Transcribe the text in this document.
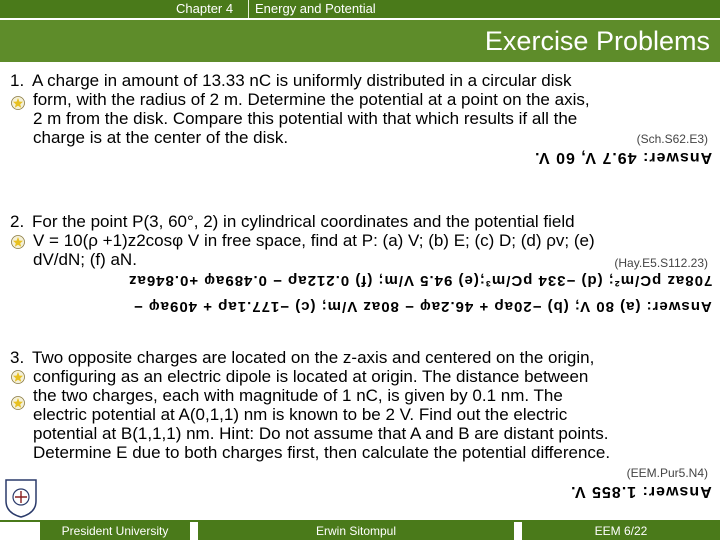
Chapter 4 Energy and Potential
Exercise Problems
1. A charge in amount of 13.33 nC is uniformly distributed in a circular disk
form, with the radius of 2 m. Determine the potential at a point on the axis,
2 m from the disk. Compare this potential with that which results if all the
charge is at the center of the disk.	(Sch.S62.E3)
Answer: 49.7 V, 60 V.
2. For the point P(3, 60°, 2) in cylindrical coordinates and the potential field
V = 10(ρ +1)z2cosφ V in free space, find at P: (a) V; (b) E; (c) D; (d) ρv; (e)
dV/dN; (f) aN.	(Hay.E5.S112.23)
708az pC/m²; (d) −334 pC/m³;(e) 94.5 V/m; (f) 0.212aρ − 0.489aφ +0.846az
Answer: (a) 80 V; (b) −20aρ + 46.2aφ − 80az V/m; (c) −177.1aρ + 409aφ −
3. Two opposite charges are located on the z-axis and centered on the origin,
configuring as an electric dipole is located at origin. The distance between
the two charges, each with magnitude of 1 nC, is given by 0.1 nm. The
electric potential at A(0,1,1) nm is known to be 2 V. Find out the electric
potential at B(1,1,1) nm. Hint: Do not assume that A and B are distant points.
Determine E due to both charges first, then calculate the potential difference.
(EEM.Pur5.N4)
Answer: 1.855 V.
President University	Erwin Sitompul	EEM 6/22
